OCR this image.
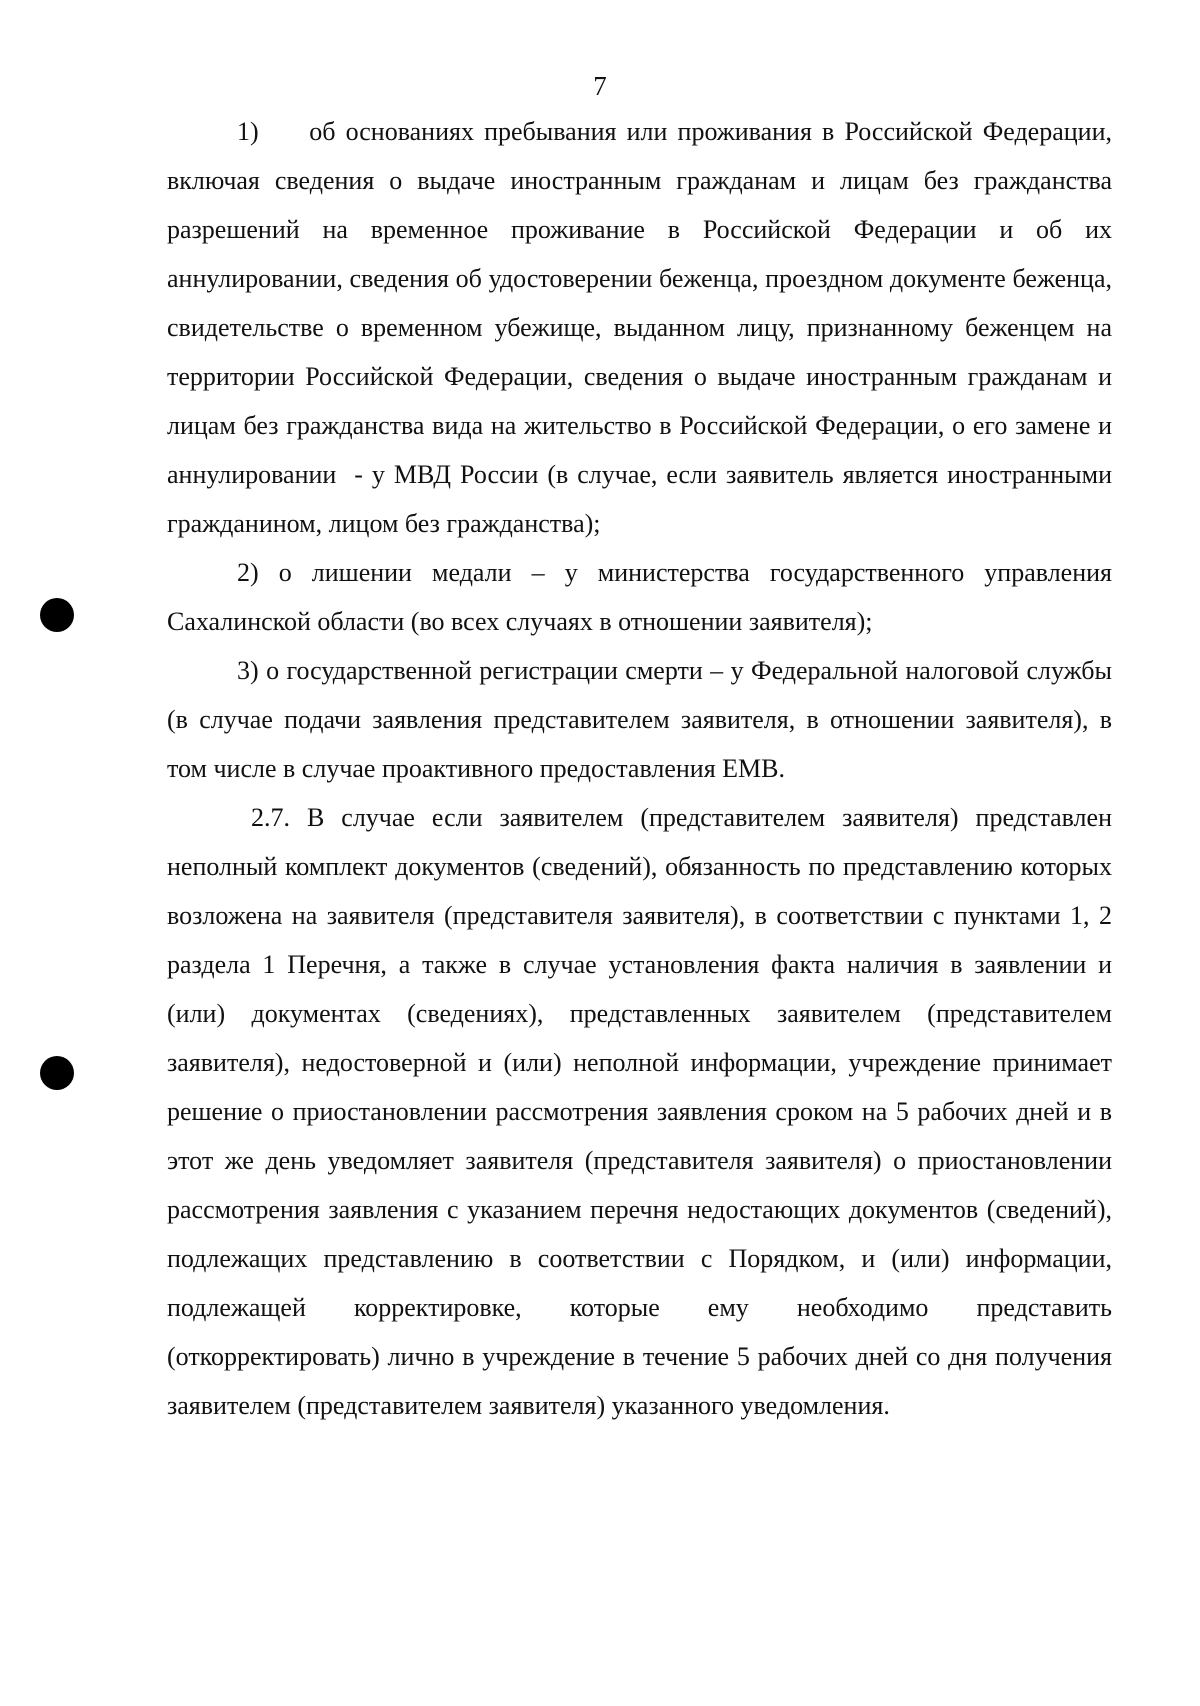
7

1)     об основаниях пребывания или проживания в Российской Федерации, включая сведения о выдаче иностранным гражданам и лицам без гражданства разрешений на временное проживание в Российской Федерации и об их аннулировании, сведения об удостоверении беженца, проездном документе беженца, свидетельстве о временном убежище, выданном лицу, признанному беженцем на территории Российской Федерации, сведения о выдаче иностранным гражданам и лицам без гражданства вида на жительство в Российской Федерации, о его замене и аннулировании  - у МВД России (в случае, если заявитель является иностранными гражданином, лицом без гражданства);

2) о лишении медали – у министерства государственного управления Сахалинской области (во всех случаях в отношении заявителя);

3) о государственной регистрации смерти – у Федеральной налоговой службы (в случае подачи заявления представителем заявителя, в отношении заявителя), в том числе в случае проактивного предоставления ЕМВ.

2.7. В случае если заявителем (представителем заявителя) представлен неполный комплект документов (сведений), обязанность по представлению которых возложена на заявителя (представителя заявителя), в соответствии с пунктами 1, 2 раздела 1 Перечня, а также в случае установления факта наличия в заявлении и (или) документах (сведениях), представленных заявителем (представителем заявителя), недостоверной и (или) неполной информации, учреждение принимает решение о приостановлении рассмотрения заявления сроком на 5 рабочих дней и в этот же день уведомляет заявителя (представителя заявителя) о приостановлении рассмотрения заявления с указанием перечня недостающих документов (сведений), подлежащих представлению в соответствии с Порядком, и (или) информации, подлежащей корректировке, которые ему необходимо представить (откорректировать) лично в учреждение в течение 5 рабочих дней со дня получения заявителем (представителем заявителя) указанного уведомления.
